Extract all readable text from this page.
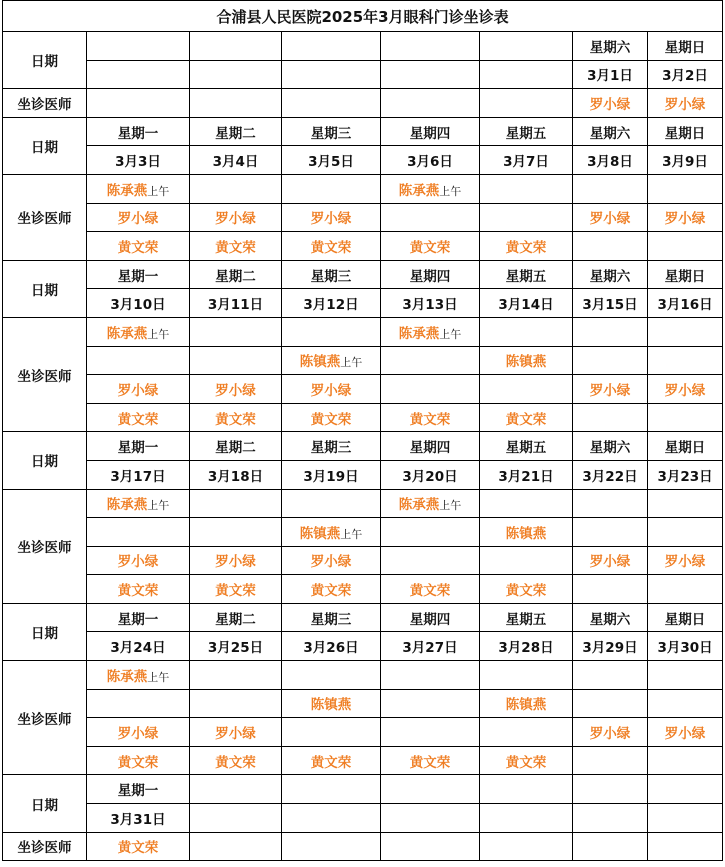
合浦县人民医院2025年3月眼科门诊坐诊表							
日期						星期六	星期日
						3月1日	3月2日
坐诊医师						罗小绿	罗小绿
日期	星期一	星期二	星期三	星期四	星期五	星期六	星期日
	3月3日	3月4日	3月5日	3月6日	3月7日	3月8日	3月9日
坐诊医师	陈承燕上午			陈承燕上午			
	罗小绿	罗小绿	罗小绿			罗小绿	罗小绿
	黄文荣	黄文荣	黄文荣	黄文荣	黄文荣		
日期	星期一	星期二	星期三	星期四	星期五	星期六	星期日
	3月10日	3月11日	3月12日	3月13日	3月14日	3月15日	3月16日
坐诊医师	陈承燕上午			陈承燕上午			
			陈镇燕上午		陈镇燕		
	罗小绿	罗小绿	罗小绿			罗小绿	罗小绿
	黄文荣	黄文荣	黄文荣	黄文荣	黄文荣		
日期	星期一	星期二	星期三	星期四	星期五	星期六	星期日
	3月17日	3月18日	3月19日	3月20日	3月21日	3月22日	3月23日
坐诊医师	陈承燕上午			陈承燕上午			
			陈镇燕上午		陈镇燕		
	罗小绿	罗小绿	罗小绿			罗小绿	罗小绿
	黄文荣	黄文荣	黄文荣	黄文荣	黄文荣		
日期	星期一	星期二	星期三	星期四	星期五	星期六	星期日
	3月24日	3月25日	3月26日	3月27日	3月28日	3月29日	3月30日
坐诊医师	陈承燕上午						
			陈镇燕		陈镇燕		
	罗小绿	罗小绿				罗小绿	罗小绿
	黄文荣	黄文荣	黄文荣	黄文荣	黄文荣		
日期	星期一						
	3月31日						
坐诊医师	黄文荣						
